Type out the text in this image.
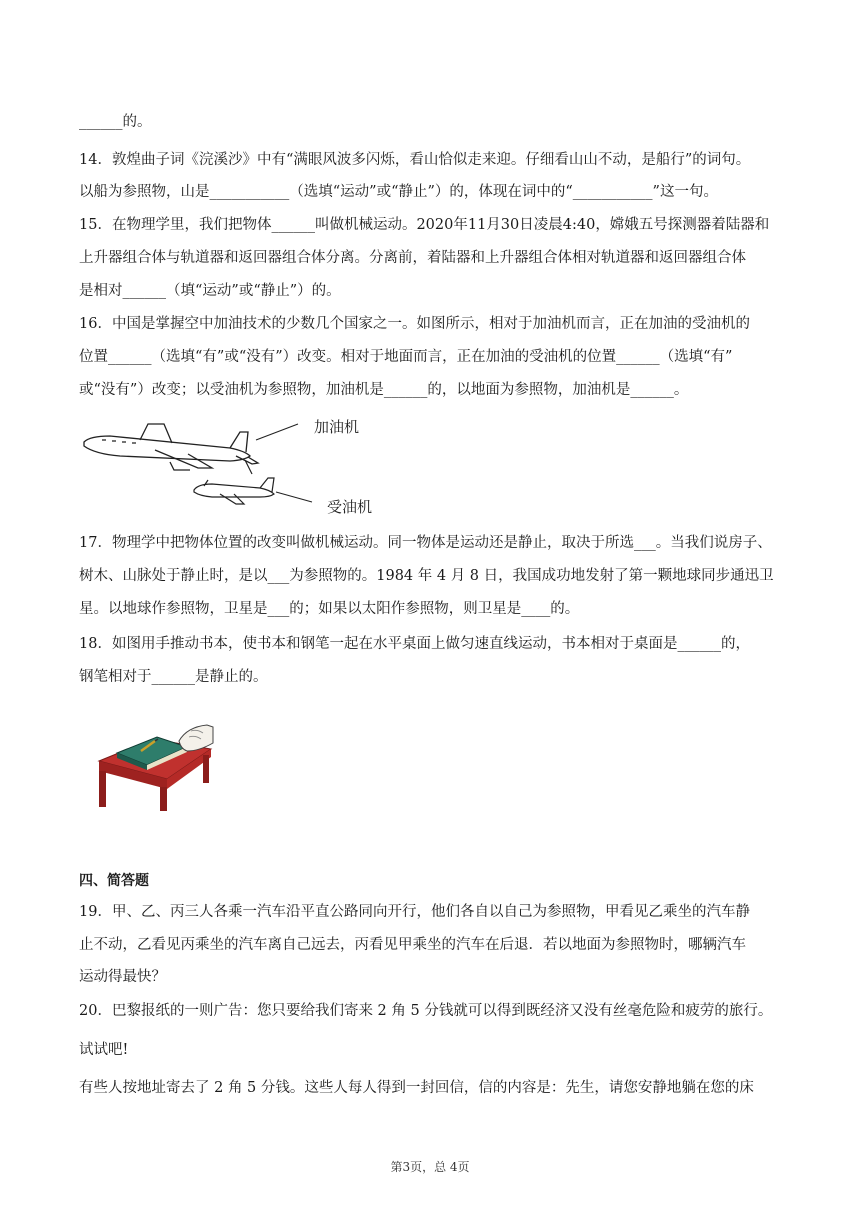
______的。
14．敦煌曲子词《浣溪沙》中有“满眼风波多闪烁，看山恰似走来迎。仔细看山山不动，是船行”的词句。
以船为参照物，山是___________（选填“运动”或“静止”）的，体现在词中的“___________”这一句。
15．在物理学里，我们把物体______叫做机械运动。2020年11月30日凌晨4:40，嫦娥五号探测器着陆器和
上升器组合体与轨道器和返回器组合体分离。分离前，着陆器和上升器组合体相对轨道器和返回器组合体
是相对______（填“运动”或“静止”）的。
16．中国是掌握空中加油技术的少数几个国家之一。如图所示，相对于加油机而言，正在加油的受油机的
位置______（选填“有”或“没有”）改变。相对于地面而言，正在加油的受油机的位置______（选填“有”
或“没有”）改变；以受油机为参照物，加油机是______的，以地面为参照物，加油机是______。
加油机
受油机
17．物理学中把物体位置的改变叫做机械运动。同一物体是运动还是静止，取决于所选___。当我们说房子、
树木、山脉处于静止时，是以___为参照物的。1984 年 4 月 8 日，我国成功地发射了第一颗地球同步通迅卫
星。以地球作参照物，卫星是___的；如果以太阳作参照物，则卫星是____的。
18．如图用手推动书本，使书本和钢笔一起在水平桌面上做匀速直线运动，书本相对于桌面是______的，
钢笔相对于______是静止的。
四、简答题
19．甲、乙、丙三人各乘一汽车沿平直公路同向开行，他们各自以自己为参照物，甲看见乙乘坐的汽车静
止不动，乙看见丙乘坐的汽车离自己远去，丙看见甲乘坐的汽车在后退．若以地面为参照物时，哪辆汽车
运动得最快？
20．巴黎报纸的一则广告：您只要给我们寄来 2 角 5 分钱就可以得到既经济又没有丝毫危险和疲劳的旅行。
试试吧!
有些人按地址寄去了 2 角 5 分钱。这些人每人得到一封回信，信的内容是：先生，请您安静地躺在您的床
第3页，总 4页
